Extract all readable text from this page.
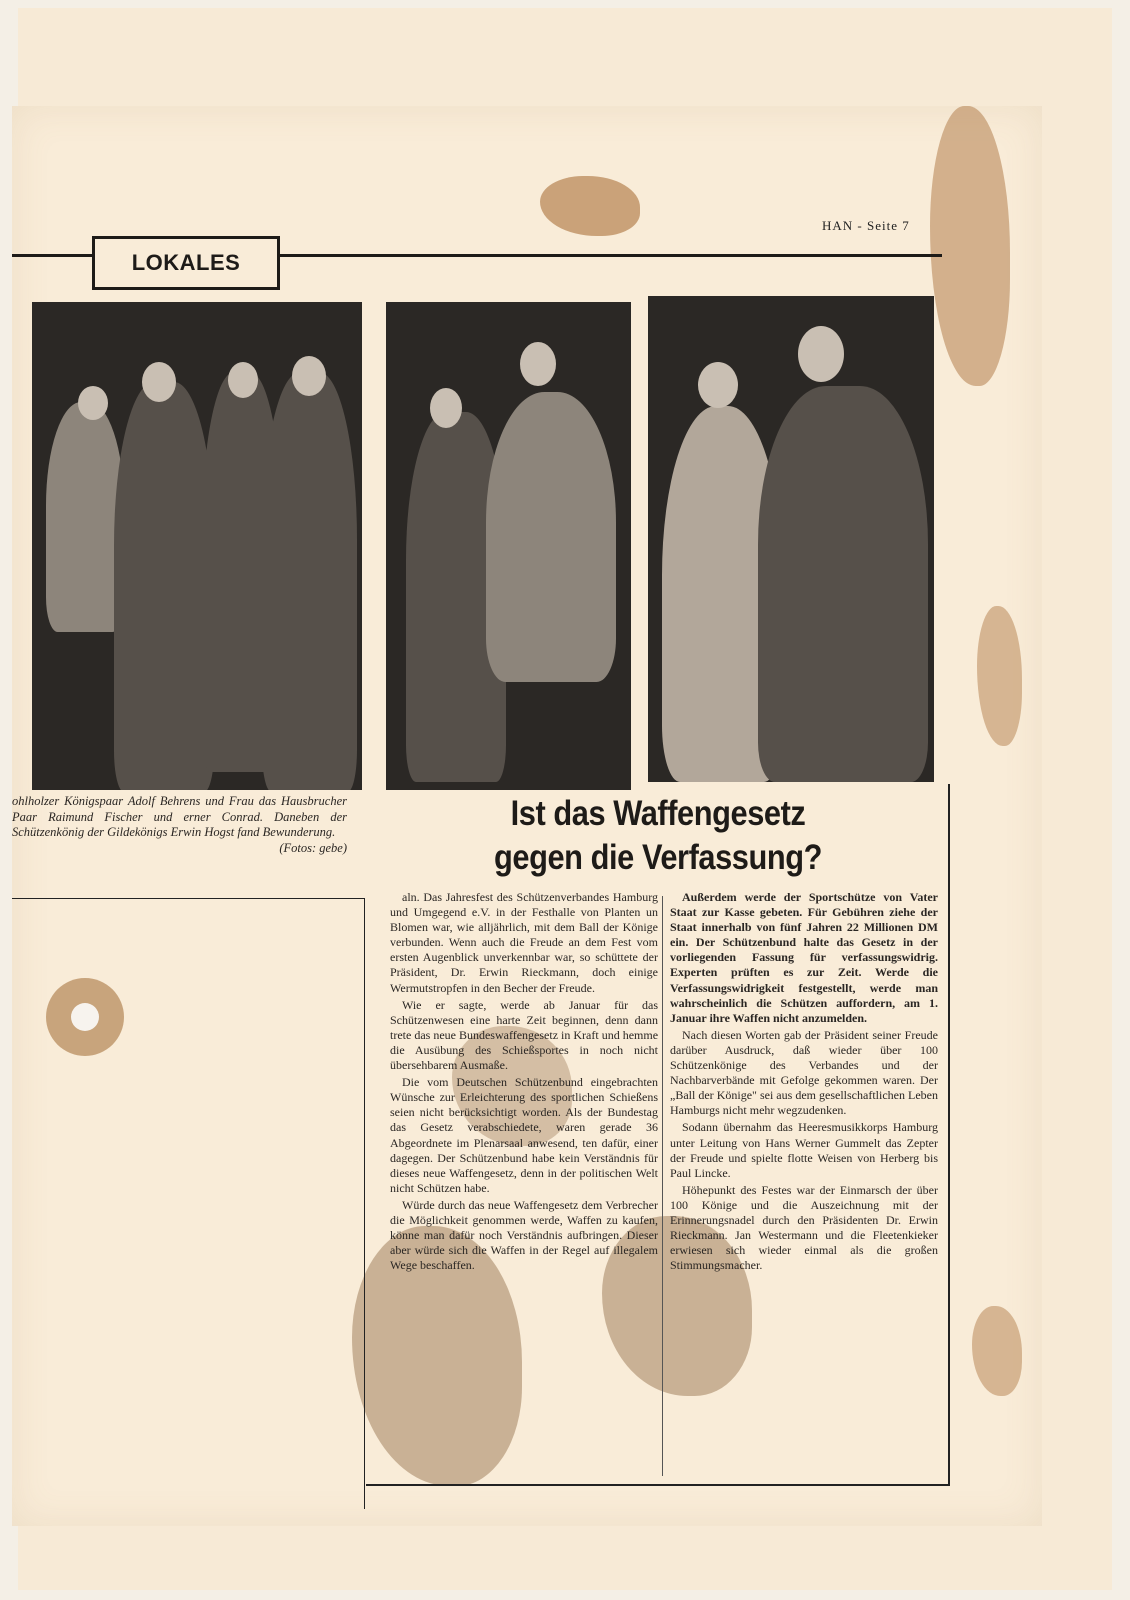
LOKALES
HAN - Seite 7
ohlholzer Königspaar Adolf Behrens und Frau das Hausbrucher Paar Raimund Fischer und erner Conrad. Daneben der Schützenkönig der Gildekönigs Erwin Hogst fand Bewunderung.
(Fotos: gebe)
Ist das Waffengesetz
gegen die Verfassung?

aln. Das Jahresfest des Schützenverbandes Hamburg und Umgegend e.V. in der Festhalle von Planten un Blomen war, wie alljährlich, mit dem Ball der Könige verbunden. Wenn auch die Freude an dem Fest vom ersten Augenblick unverkennbar war, so schüttete der Präsident, Dr. Erwin Rieckmann, doch einige Wermutstropfen in den Becher der Freude.

Wie er sagte, werde ab Januar für das Schützenwesen eine harte Zeit beginnen, denn dann trete das neue Bundeswaffengesetz in Kraft und hemme die Ausübung des Schießsportes in noch nicht übersehbarem Ausmaße.

Die vom Deutschen Schützenbund eingebrachten Wünsche zur Erleichterung des sportlichen Schießens seien nicht berücksichtigt worden. Als der Bundestag das Gesetz verabschiedete, waren gerade 36 Abgeordnete im Plenarsaal anwesend, ten dafür, einer dagegen. Der Schützenbund habe kein Verständnis für dieses neue Waffengesetz, denn in der politischen Welt nicht Schützen habe.

Würde durch das neue Waffengesetz dem Verbrecher die Möglichkeit genommen werde, Waffen zu kaufen, könne man dafür noch Verständnis aufbringen. Dieser aber würde sich die Waffen in der Regel auf illegalem Wege beschaffen.

Außerdem werde der Sportschütze von Vater Staat zur Kasse gebeten. Für Gebühren ziehe der Staat innerhalb von fünf Jahren 22 Millionen DM ein. Der Schützenbund halte das Gesetz in der vorliegenden Fassung für verfassungswidrig. Experten prüften es zur Zeit. Werde die Verfassungswidrigkeit festgestellt, werde man wahrscheinlich die Schützen auffordern, am 1. Januar ihre Waffen nicht anzumelden.

Nach diesen Worten gab der Präsident seiner Freude darüber Ausdruck, daß wieder über 100 Schützenkönige des Verbandes und der Nachbarverbände mit Gefolge gekommen waren. Der „Ball der Könige" sei aus dem gesellschaftlichen Leben Hamburgs nicht mehr wegzudenken.

Sodann übernahm das Heeresmusikkorps Hamburg unter Leitung von Hans Werner Gummelt das Zepter der Freude und spielte flotte Weisen von Herberg bis Paul Lincke.

Höhepunkt des Festes war der Einmarsch der über 100 Könige und die Auszeichnung mit der Erinnerungsnadel durch den Präsidenten Dr. Erwin Rieckmann. Jan Westermann und die Fleetenkieker erwiesen sich wieder einmal als die großen Stimmungsmacher.
